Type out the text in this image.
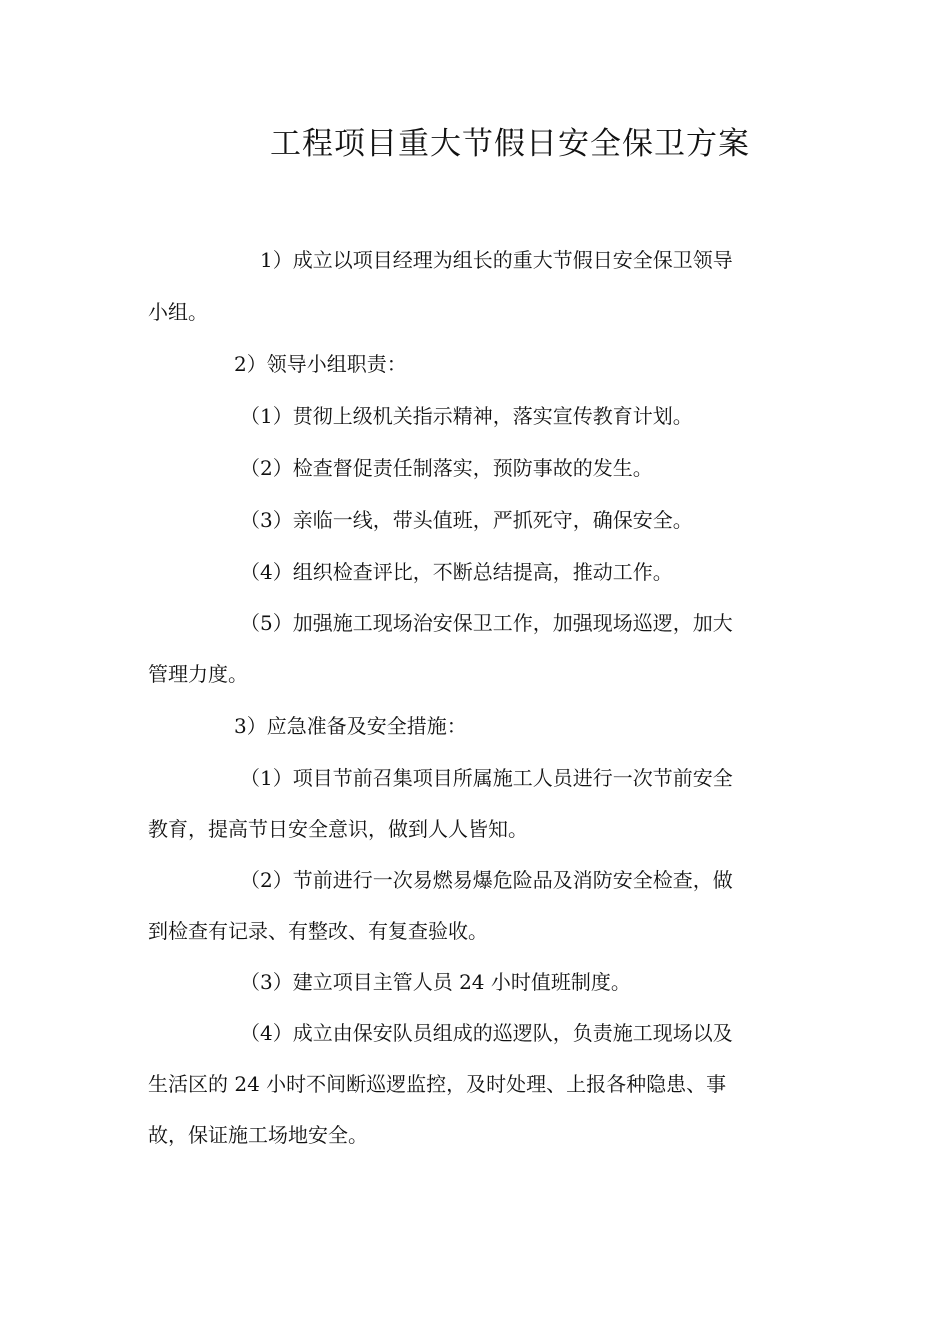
工程项目重大节假日安全保卫方案
1）成立以项目经理为组长的重大节假日安全保卫领导
小组。
2）领导小组职责：
（1）贯彻上级机关指示精神，落实宣传教育计划。
（2）检查督促责任制落实，预防事故的发生。
（3）亲临一线，带头值班，严抓死守，确保安全。
（4）组织检查评比，不断总结提高，推动工作。
（5）加强施工现场治安保卫工作，加强现场巡逻，加大
管理力度。
3）应急准备及安全措施：
（1）项目节前召集项目所属施工人员进行一次节前安全
教育，提高节日安全意识，做到人人皆知。
（2）节前进行一次易燃易爆危险品及消防安全检查，做
到检查有记录、有整改、有复查验收。
（3）建立项目主管人员 24 小时值班制度。
（4）成立由保安队员组成的巡逻队，负责施工现场以及
生活区的 24 小时不间断巡逻监控，及时处理、上报各种隐患、事
故，保证施工场地安全。
